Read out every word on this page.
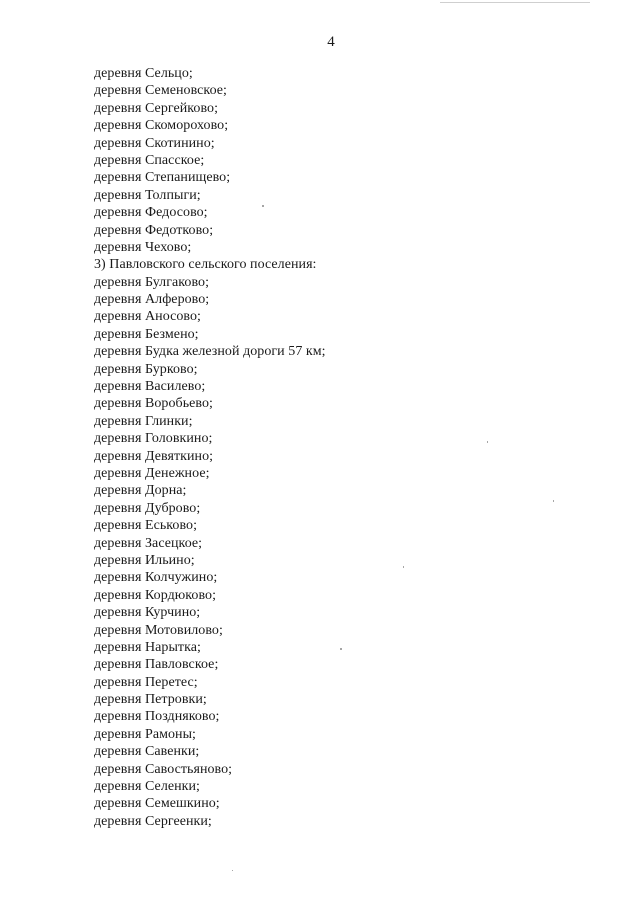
4
деревня Сельцо;
деревня Семеновское;
деревня Сергейково;
деревня Скоморохово;
деревня Скотинино;
деревня Спасское;
деревня Степанищево;
деревня Толпыги;
деревня Федосово;
деревня Федотково;
деревня Чехово;
3) Павловского сельского поселения:
деревня Булгаково;
деревня Алферово;
деревня Аносово;
деревня Безмено;
деревня Будка железной дороги 57 км;
деревня Бурково;
деревня Василево;
деревня Воробьево;
деревня Глинки;
деревня Головкино;
деревня Девяткино;
деревня Денежное;
деревня Дорна;
деревня Дуброво;
деревня Еськово;
деревня Засецкое;
деревня Ильино;
деревня Колчужино;
деревня Кордюково;
деревня Курчино;
деревня Мотовилово;
деревня Нарытка;
деревня Павловское;
деревня Перетес;
деревня Петровки;
деревня Поздняково;
деревня Рамоны;
деревня Савенки;
деревня Савостьяново;
деревня Селенки;
деревня Семешкино;
деревня Сергеенки;
